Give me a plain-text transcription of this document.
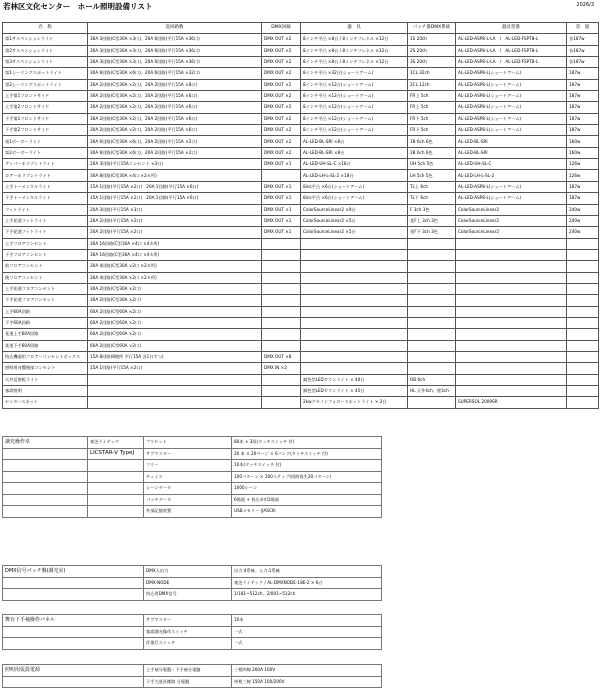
若林区文化センター　ホール照明設備リスト	2026/3
名　称	返回路数	DMX回線	器　具	パッチ番DMX系統	器具型番	容　量
第1サスペンションライト	30A 3回路(C型30A ×3口)，20A 6回路(平行15A ×36口)	DMX OUT ×2	8インチ平凸 ×8台 / 8インチフレネル ×12台	1S 20ch	AL-LED-ASP8-L-LA　/　AL-LED-FSPT8-L	各187w
第2サスペンションライト	30A 3回路(C型30A ×3口)，20A 6回路(平行15A ×36口)	DMX OUT ×2	8インチ平凸 ×8台 / 8インチフレネル ×12台	2S 20ch	AL-LED-ASP8-L-LA　/　AL-LED-FSPT8-L	各187w
第3サスペンションライト	30A 3回路(C型30A ×3口)，20A 6回路(平行15A ×36口)	DMX OUT ×2	8インチ平凸 ×8台 / 8インチフレネル ×12台	3S 20ch	AL-LED-ASP8-L-LA　/　AL-LED-FSPT8-L	各187w
第1シーリングスポットライト	30A 6回路(C型30A ×6口)，20A 6回路(平行15A ×32口)	DMX OUT ×2	8インチ平凸 ×32台(ショートアーム)	1CL 32ch	AL-LED-ASP8-L(ショートアーム)	187w
第2シーリングスポットライト	30A 2回路(C型30A ×2口)，20A 2回路(平行15A ×8口)	DMX OUT ×2	8インチ平凸 ×12台(ショートアーム)	2CL 12ch	AL-LED-ASP8-L(ショートアーム)	187w
上手第1フロントサイド	30A 2回路(C型30A ×2口)，20A 2回路(平行15A ×6口)	DMX OUT ×2	8インチ平凸 ×12台(ショートアーム)	FR上 5ch	AL-LED-ASP8-L(ショートアーム)	187w
上手第2フロントサイド	30A 2回路(C型30A ×2口)，20A 2回路(平行15A ×6口)	DMX OUT ×2	8インチ平凸 ×12台(ショートアーム)	FR上 5ch	AL-LED-ASP8-L(ショートアーム)	187w
下手第1フロントサイド	30A 2回路(C型30A ×2口)，20A 2回路(平行15A ×6口)	DMX OUT ×2	8インチ平凸 ×12台(ショートアーム)	FR下 5ch	AL-LED-ASP8-L(ショートアーム)	187w
下手第2フロントサイド	30A 2回路(C型30A ×2口)，20A 2回路(平行15A ×6口)	DMX OUT ×2	8インチ平凸 ×12台(ショートアーム)	FR下 5ch	AL-LED-ASP8-L(ショートアーム)	187w
第1ボーダーライト	30A 6回路(C型30A ×6口)，20A 2回路(平行15A ×2口)	DMX OUT ×2	AL-LED-BL-SRI ×8台	1B 6ch 6色	AL-LED-BL-SRI	160w
第2ボーダーライト	30A 6回路(C型30A ×6口)，20A 2回路(平行15A ×2口)	DMX OUT ×2	AL-LED-BL-SRI ×8台	2B 6ch 6色	AL-LED-BL-SRI	160w
アッパーホリゾントライト	20A 3回路(平行15Aコンセント ×3口)	DMX OUT ×1	AL-LED-UH-SL-C ×18台	UH 5ch 5色	AL-LED-UH-SL-C	126w
ロアーホリゾントライト	30A 8回路(C型30A ×4口 ×2カ所)		AL-LED-LH-L-SL-2 ×18台	LH 5ch 5色	AL-LED-LH-L-SL-2	126w
上手トーメンタルライト	15A 1回路(平行15A ×2口)　20A 1回路(平行15A ×6口)	DMX OUT ×1	8inc平凸 ×6台(ショートアーム)	TL上 6ch	AL-LED-ASP8-L(ショートアーム)	187w
下手トーメンタルライト	15A 1回路(平行15A ×2口)　20A 1回路(平行15A ×6口)	DMX OUT ×1	8inc平凸 ×6台(ショートアーム)	TL下 6ch	AL-LED-ASP8-L(ショートアーム)	187w
フットライト	20A 3回路(平行15A ×3口)	DMX OUT ×1	ColorSourceLinear2 ×9台	F 3ch 3色	ColorSourceLinear2	240w
上手花道フットライト	20A 2回路(平行15A ×2口)	DMX OUT ×1	ColorSourceLinear2 ×5台	花F上 3ch 3色	ColorSourceLinear2	240w
下手花道フットライト	20A 2回路(平行15A ×2口)	DMX OUT ×1	ColorSourceLinear2 ×5台	花F下 3ch 3色	ColorSourceLinear2	240w
上手フロアコンセント	30A 16回路(C型30A ×4口 ×4カ所)					
下手フロアコンセント	30A 16回路(C型30A ×4口 ×4カ所)					
前フロアコンセント	30A 4回路(C型30A ×2口 ×2カ所)					
後フロアコンセント	30A 4回路(C型30A ×2口 ×2カ所)					
上手花道フロアコンセント	30A 2回路(C型30A ×2口)					
下手花道フロアコンセント	30A 2回路(C型30A ×2口)					
上手60A回路	60A 2回路(C型60A ×2口)					
下手60A回路	60A 2回路(C型60A ×2口)					
花道上手60A回路	60A 2回路(C型60A ×2口)					
花道下手60A回路	60A 2回路(C型60A ×2口)					
持込機器用フロアーコンセントボックス	15A 8回路(8箇所 平行15A 各1口ずつ)	DMX OUT ×8				
照明用音響後部コンセント	15A 1回路(平行15A ×2口)	DMX IN ×2				
天井反射板ライト			調色型LEDダウンライト × 40台	OB 6ch		
客席照明			調色型LEDダウンライト × 45台	HL 天井4ch、壁3ch		
センタースポット			2kwクセノンフォロースポットライト × 2台		SUPERSOL 2009SR	
調光操作卓	東芝ライテック	プリセット	80本 × 3段(タッチスイッチ 付)	
	LICSTAR-Ⅴ TypeJ	サブマスター	20 本 × 20ページ × 6バンク(タッチスイッチ 付)	
		フリー	10本(タッチスイッチ 付)	
		チェイス	100パターン × 100ステップ(同時再生20パターン)	
		シーンデータ	1000シーン	
		パッチデータ	6場面 + 持込卓用2場面	
		外部記憶装置	USBメモリー (JASCⅡ)	
DMX信号パッチ盤(調光室)	DMX入出力	出力:4系統、入力:1系統	
	DMX-NODE	東芝ライテック / AL-DMXNODE-18E-2 × 6台	
	持込用DMX信号	1/181~512ch、2/001~512ch	
舞台下手袖操作パネル	サブマスター	10本	
	客席調光操作スイッチ	一式	
	作業灯スイッチ	一式	
照明用仮設電源	上手袖分電盤・下手袖分電盤	三相四線 200A 100V	
	下手大道具搬路 分電盤	単相三線 150A 100/200V	
